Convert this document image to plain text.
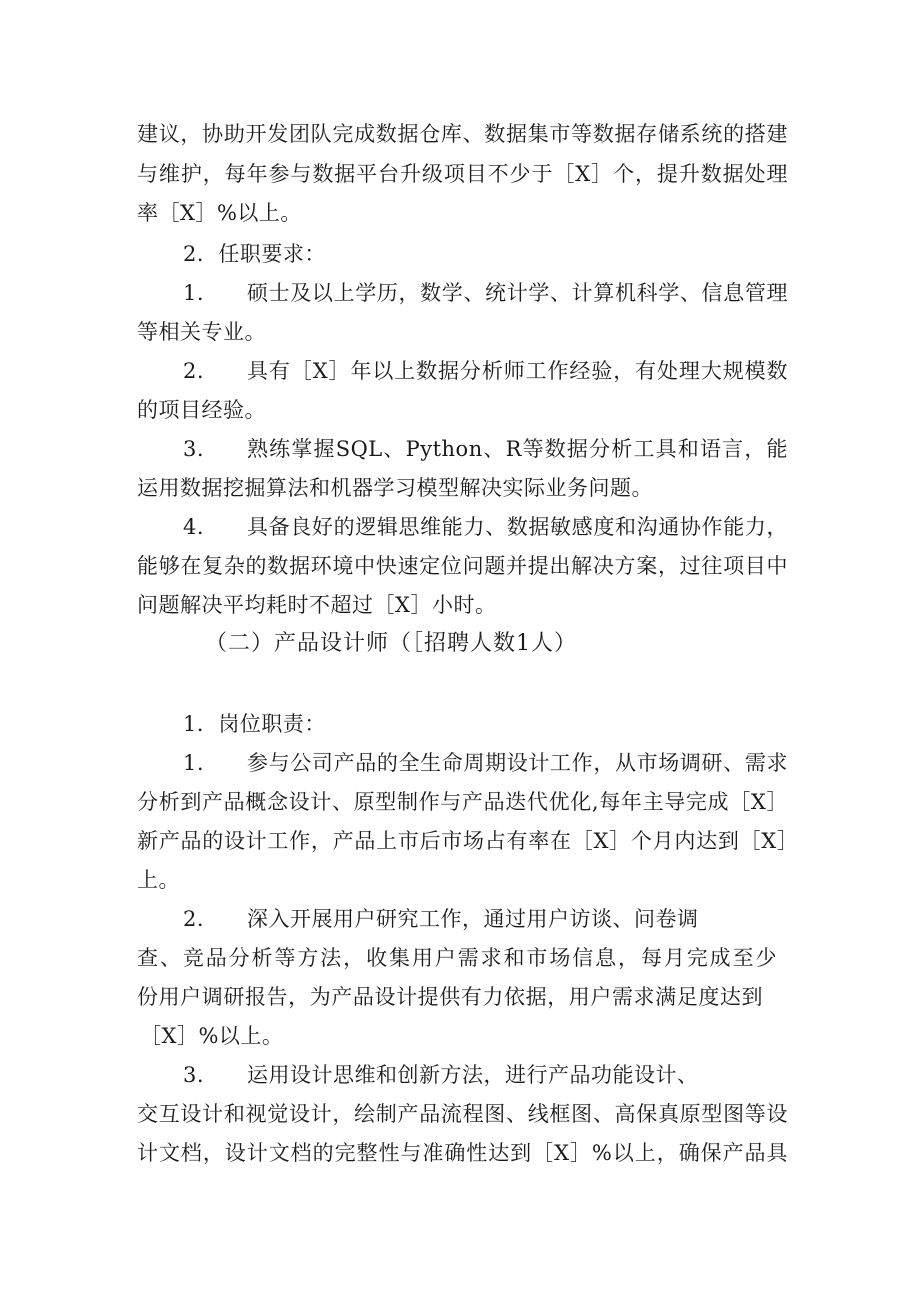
建议，协助开发团队完成数据仓库、数据集市等数据存储系统的搭建
与维护，每年参与数据平台升级项目不少于［X］个，提升数据处理
率［X］%以上。
2．任职要求：
1. 硕士及以上学历，数学、统计学、计算机科学、信息管理
等相关专业。
2. 具有［X］年以上数据分析师工作经验，有处理大规模数
的项目经验。
3. 熟练掌握SQL、Python、R等数据分析工具和语言，能
运用数据挖掘算法和机器学习模型解决实际业务问题。
4. 具备良好的逻辑思维能力、数据敏感度和沟通协作能力，
能够在复杂的数据环境中快速定位问题并提出解决方案，过往项目中
问题解决平均耗时不超过［X］小时。
（二）产品设计师（［招聘人数1人）
1．岗位职责：
1. 参与公司产品的全生命周期设计工作，从市场调研、需求
分析到产品概念设计、原型制作与产品迭代优化,每年主导完成［X］
新产品的设计工作，产品上市后市场占有率在［X］个月内达到［X］
上。
2. 深入开展用户研究工作，通过用户访谈、问卷调
查、竞品分析等方法，收集用户需求和市场信息，每月完成至少
份用户调研报告，为产品设计提供有力依据，用户需求满足度达到
［X］%以上。
3. 运用设计思维和创新方法，进行产品功能设计、
交互设计和视觉设计，绘制产品流程图、线框图、高保真原型图等设
计文档，设计文档的完整性与准确性达到［X］%以上，确保产品具
